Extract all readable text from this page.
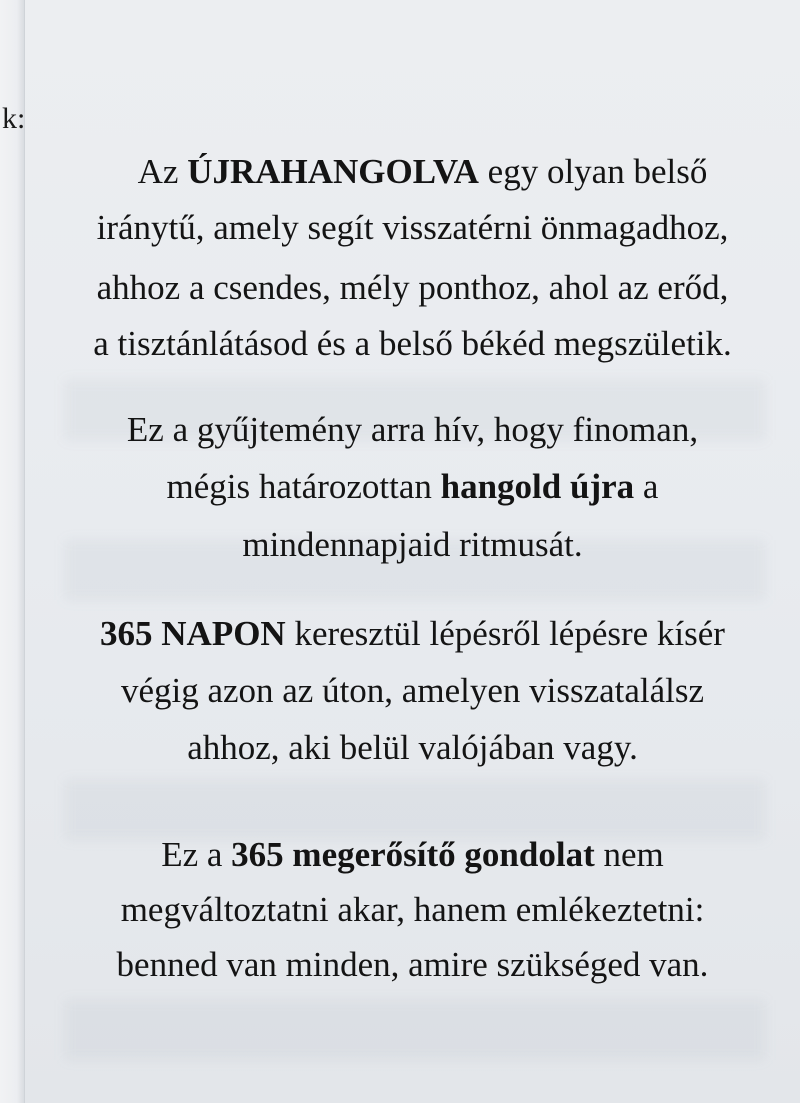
k:
Az ÚJRAHANGOLVA egy olyan belső
iránytű, amely segít visszatérni önmagadhoz,
ahhoz a csendes, mély ponthoz, ahol az erőd,
a tisztánlátásod és a belső békéd megszületik.
Ez a gyűjtemény arra hív, hogy finoman,
mégis határozottan hangold újra a
mindennapjaid ritmusát.
365 NAPON keresztül lépésről lépésre kísér
végig azon az úton, amelyen visszatalálsz
ahhoz, aki belül valójában vagy.
Ez a 365 megerősítő gondolat nem
megváltoztatni akar, hanem emlékeztetni:
benned van minden, amire szükséged van.
